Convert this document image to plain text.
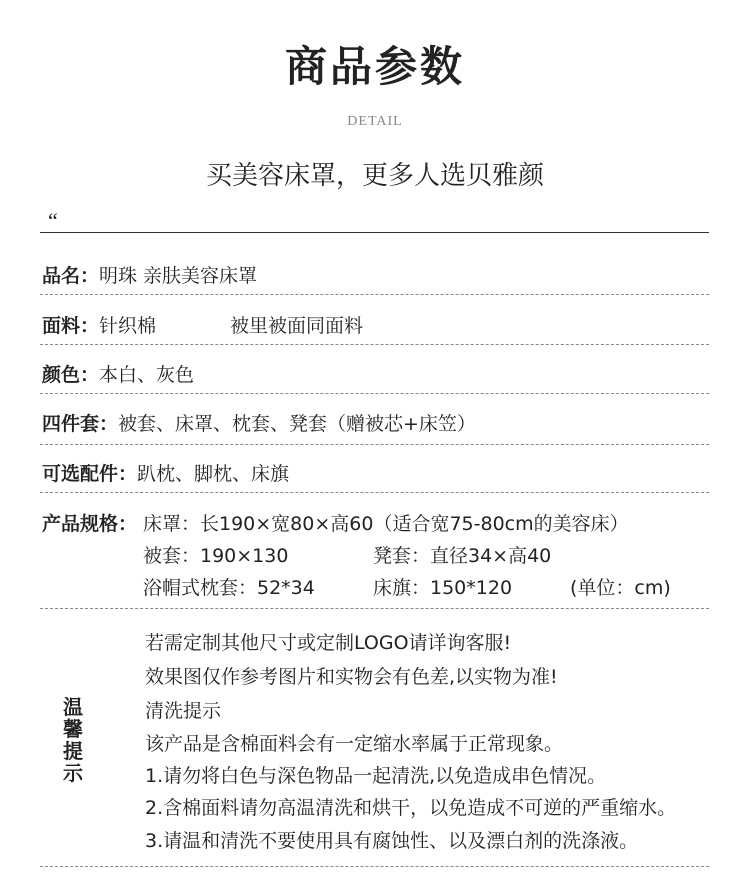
商品参数
DETAIL
买美容床罩，更多人选贝雅颜
“
品名：明珠 亲肤美容床罩
面料：针织棉	被里被面同面料
颜色：本白、灰色
四件套：被套、床罩、枕套、凳套（赠被芯+床笠）
可选配件：趴枕、脚枕、床旗
产品规格： 床罩：长190×宽80×高60（适合宽75-80cm的美容床）
被套：190×130	凳套：直径34×高40
浴帽式枕套：52*34	床旗：150*120	(单位：cm)
温
馨
提
示
若需定制其他尺寸或定制LOGO请详询客服!
效果图仅作参考图片和实物会有色差,以实物为准!
清洗提示
该产品是含棉面料会有一定缩水率属于正常现象。
1.请勿将白色与深色物品一起清洗,以免造成串色情况。
2.含棉面料请勿高温清洗和烘干，以免造成不可逆的严重缩水。
3.请温和清洗不要使用具有腐蚀性、以及漂白剂的洗涤液。
